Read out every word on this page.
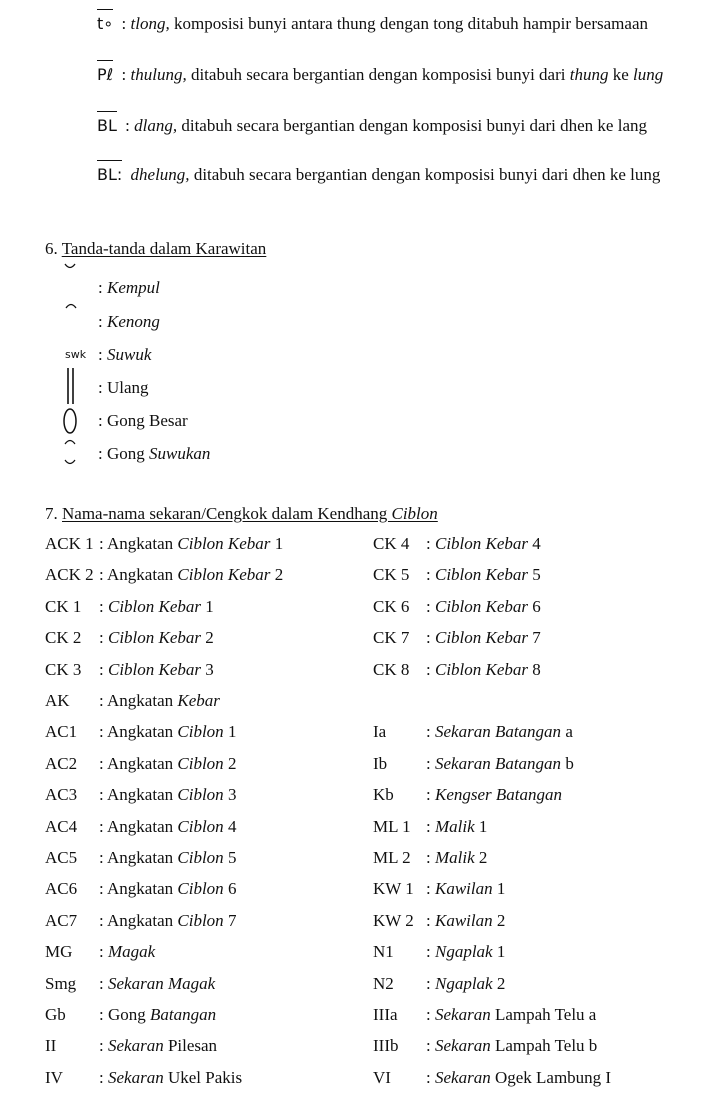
t∘ : tlong, komposisi bunyi antara thung dengan tong ditabuh hampir bersamaan
Pℓ : thulung, ditabuh secara bergantian dengan komposisi bunyi dari thung ke lung
BL : dlang, ditabuh secara bergantian dengan komposisi bunyi dari dhen ke lang
BL: dhelung, ditabuh secara bergantian dengan komposisi bunyi dari dhen ke lung
6. Tanda-tanda dalam Karawitan
: Kempul
: Kenong
swk : Suwuk
: Ulang
: Gong Besar
: Gong Suwukan
7. Nama-nama sekaran/Cengkok dalam Kendhang Ciblon
ACK 1 : Angkatan Ciblon Kebar 1
ACK 2 : Angkatan Ciblon Kebar 2
CK 1 : Ciblon Kebar 1
CK 2 : Ciblon Kebar 2
CK 3 : Ciblon Kebar 3
AK : Angkatan Kebar
AC1 : Angkatan Ciblon 1
AC2 : Angkatan Ciblon 2
AC3 : Angkatan Ciblon 3
AC4 : Angkatan Ciblon 4
AC5 : Angkatan Ciblon 5
AC6 : Angkatan Ciblon 6
AC7 : Angkatan Ciblon 7
MG : Magak
Smg : Sekaran Magak
Gb : Gong Batangan
II	: Sekaran Pilesan
IV : Sekaran Ukel Pakis
CK 4 : Ciblon Kebar 4
CK 5 : Ciblon Kebar 5
CK 6 : Ciblon Kebar 6
CK 7 : Ciblon Kebar 7
CK 8 : Ciblon Kebar 8
Ia : Sekaran Batangan a
Ib : Sekaran Batangan b
Kb : Kengser Batangan
ML 1 : Malik 1
ML 2 : Malik 2
KW 1 : Kawilan 1
KW 2 : Kawilan 2
N1 : Ngaplak 1
N2 : Ngaplak 2
IIIa : Sekaran Lampah Telu a
IIIb : Sekaran Lampah Telu b
VI : Sekaran Ogek Lambung I
